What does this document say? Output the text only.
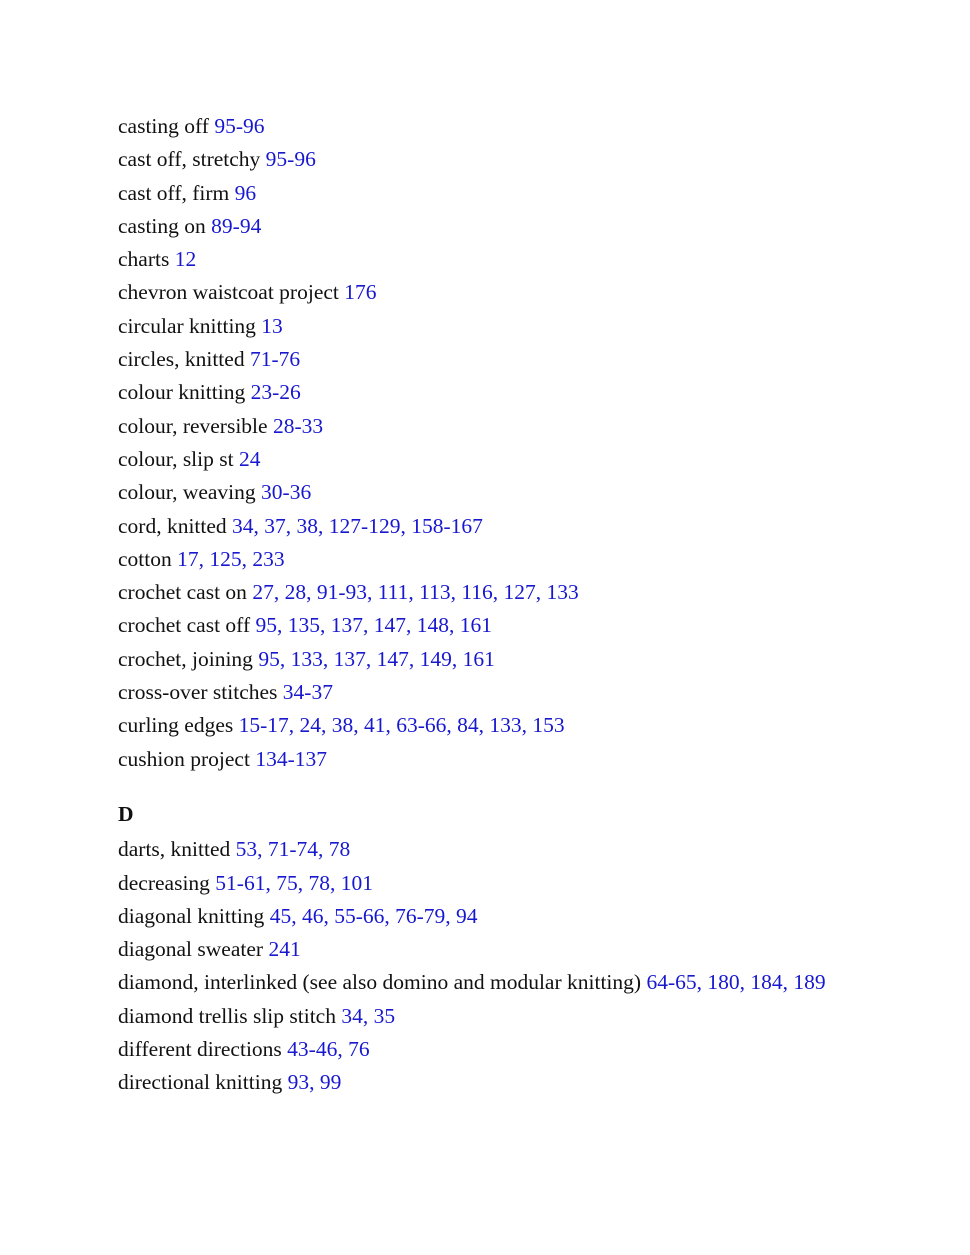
casting off 95-96
cast off, stretchy 95-96
cast off, firm 96
casting on 89-94
charts 12
chevron waistcoat project 176
circular knitting 13
circles, knitted 71-76
colour knitting 23-26
colour, reversible 28-33
colour, slip st 24
colour, weaving 30-36
cord, knitted 34, 37, 38, 127-129, 158-167
cotton 17, 125, 233
crochet cast on 27, 28, 91-93, 111, 113, 116, 127, 133
crochet cast off 95, 135, 137, 147, 148, 161
crochet, joining 95, 133, 137, 147, 149, 161
cross-over stitches 34-37
curling edges 15-17, 24, 38, 41, 63-66, 84, 133, 153
cushion project 134-137
D
darts, knitted 53, 71-74, 78
decreasing 51-61, 75, 78, 101
diagonal knitting 45, 46, 55-66, 76-79, 94
diagonal sweater 241
diamond, interlinked (see also domino and modular knitting) 64-65, 180, 184, 189
diamond trellis slip stitch 34, 35
different directions 43-46, 76
directional knitting 93, 99
